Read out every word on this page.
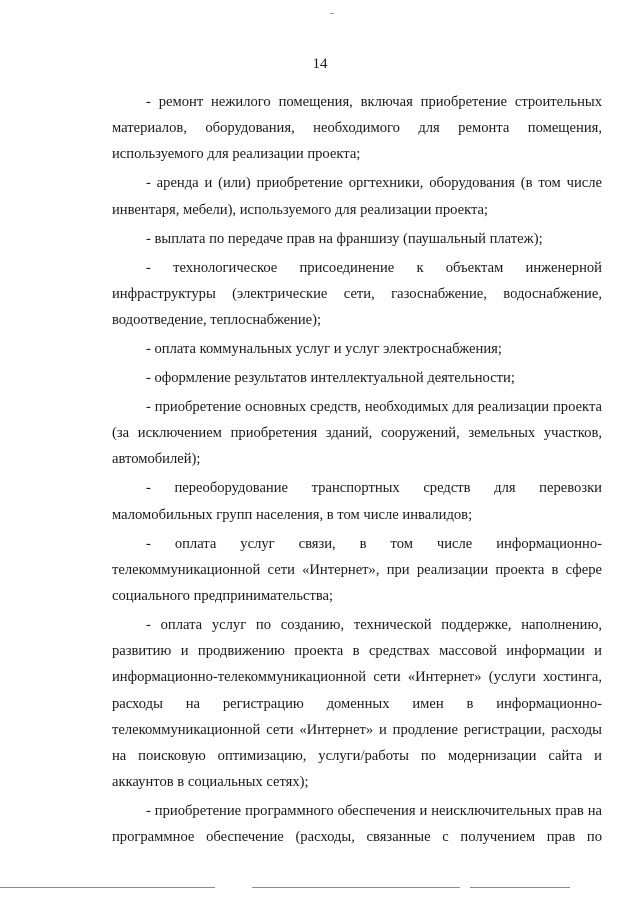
14

- ремонт нежилого помещения, включая приобретение строительных материалов, оборудования, необходимого для ремонта помещения, используемого для реализации проекта;

- аренда и (или) приобретение оргтехники, оборудования (в том числе инвентаря, мебели), используемого для реализации проекта;

- выплата по передаче прав на франшизу (паушальный платеж);

- технологическое присоединение к объектам инженерной инфраструктуры (электрические сети, газоснабжение, водоснабжение, водоотведение, теплоснабжение);

- оплата коммунальных услуг и услуг электроснабжения;

- оформление результатов интеллектуальной деятельности;

- приобретение основных средств, необходимых для реализации проекта (за исключением приобретения зданий, сооружений, земельных участков, автомобилей);

- переоборудование транспортных средств для перевозки маломобильных групп населения, в том числе инвалидов;

- оплата услуг связи, в том числе информационно-телекоммуникационной сети «Интернет», при реализации проекта в сфере социального предпринимательства;

- оплата услуг по созданию, технической поддержке, наполнению, развитию и продвижению проекта в средствах массовой информации и информационно-телекоммуникационной сети «Интернет» (услуги хостинга, расходы на регистрацию доменных имен в информационно-телекоммуникационной сети «Интернет» и продление регистрации, расходы на поисковую оптимизацию, услуги/работы по модернизации сайта и аккаунтов в социальных сетях);

- приобретение программного обеспечения и неисключительных прав на программное обеспечение (расходы, связанные с получением прав по
